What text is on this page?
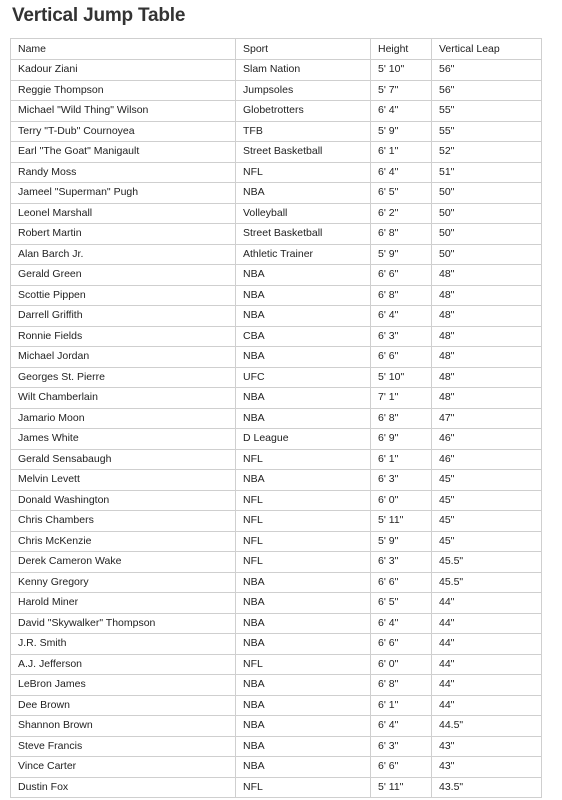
Vertical Jump Table
Name	Sport	Height	Vertical Leap
Kadour Ziani	Slam Nation	5' 10"	56"
Reggie Thompson	Jumpsoles	5' 7"	56"
Michael "Wild Thing" Wilson	Globetrotters	6' 4"	55"
Terry "T-Dub" Cournoyea	TFB	5' 9"	55"
Earl "The Goat" Manigault	Street Basketball	6' 1"	52"
Randy Moss	NFL	6' 4"	51"
Jameel "Superman" Pugh	NBA	6' 5"	50"
Leonel Marshall	Volleyball	6' 2"	50"
Robert Martin	Street Basketball	6' 8"	50"
Alan Barch Jr.	Athletic Trainer	5' 9"	50"
Gerald Green	NBA	6' 6"	48"
Scottie Pippen	NBA	6' 8"	48"
Darrell Griffith	NBA	6' 4"	48"
Ronnie Fields	CBA	6' 3"	48"
Michael Jordan	NBA	6' 6"	48"
Georges St. Pierre	UFC	5' 10"	48"
Wilt Chamberlain	NBA	7' 1"	48"
Jamario Moon	NBA	6' 8"	47"
James White	D League	6' 9"	46"
Gerald Sensabaugh	NFL	6' 1"	46"
Melvin Levett	NBA	6' 3"	45"
Donald Washington	NFL	6' 0"	45"
Chris Chambers	NFL	5' 11"	45"
Chris McKenzie	NFL	5' 9"	45"
Derek Cameron Wake	NFL	6' 3"	45.5"
Kenny Gregory	NBA	6' 6"	45.5"
Harold Miner	NBA	6' 5"	44"
David "Skywalker" Thompson	NBA	6' 4"	44"
J.R. Smith	NBA	6' 6"	44"
A.J. Jefferson	NFL	6' 0"	44"
LeBron James	NBA	6' 8"	44"
Dee Brown	NBA	6' 1"	44"
Shannon Brown	NBA	6' 4"	44.5"
Steve Francis	NBA	6' 3"	43"
Vince Carter	NBA	6' 6"	43"
Dustin Fox	NFL	5' 11"	43.5"
